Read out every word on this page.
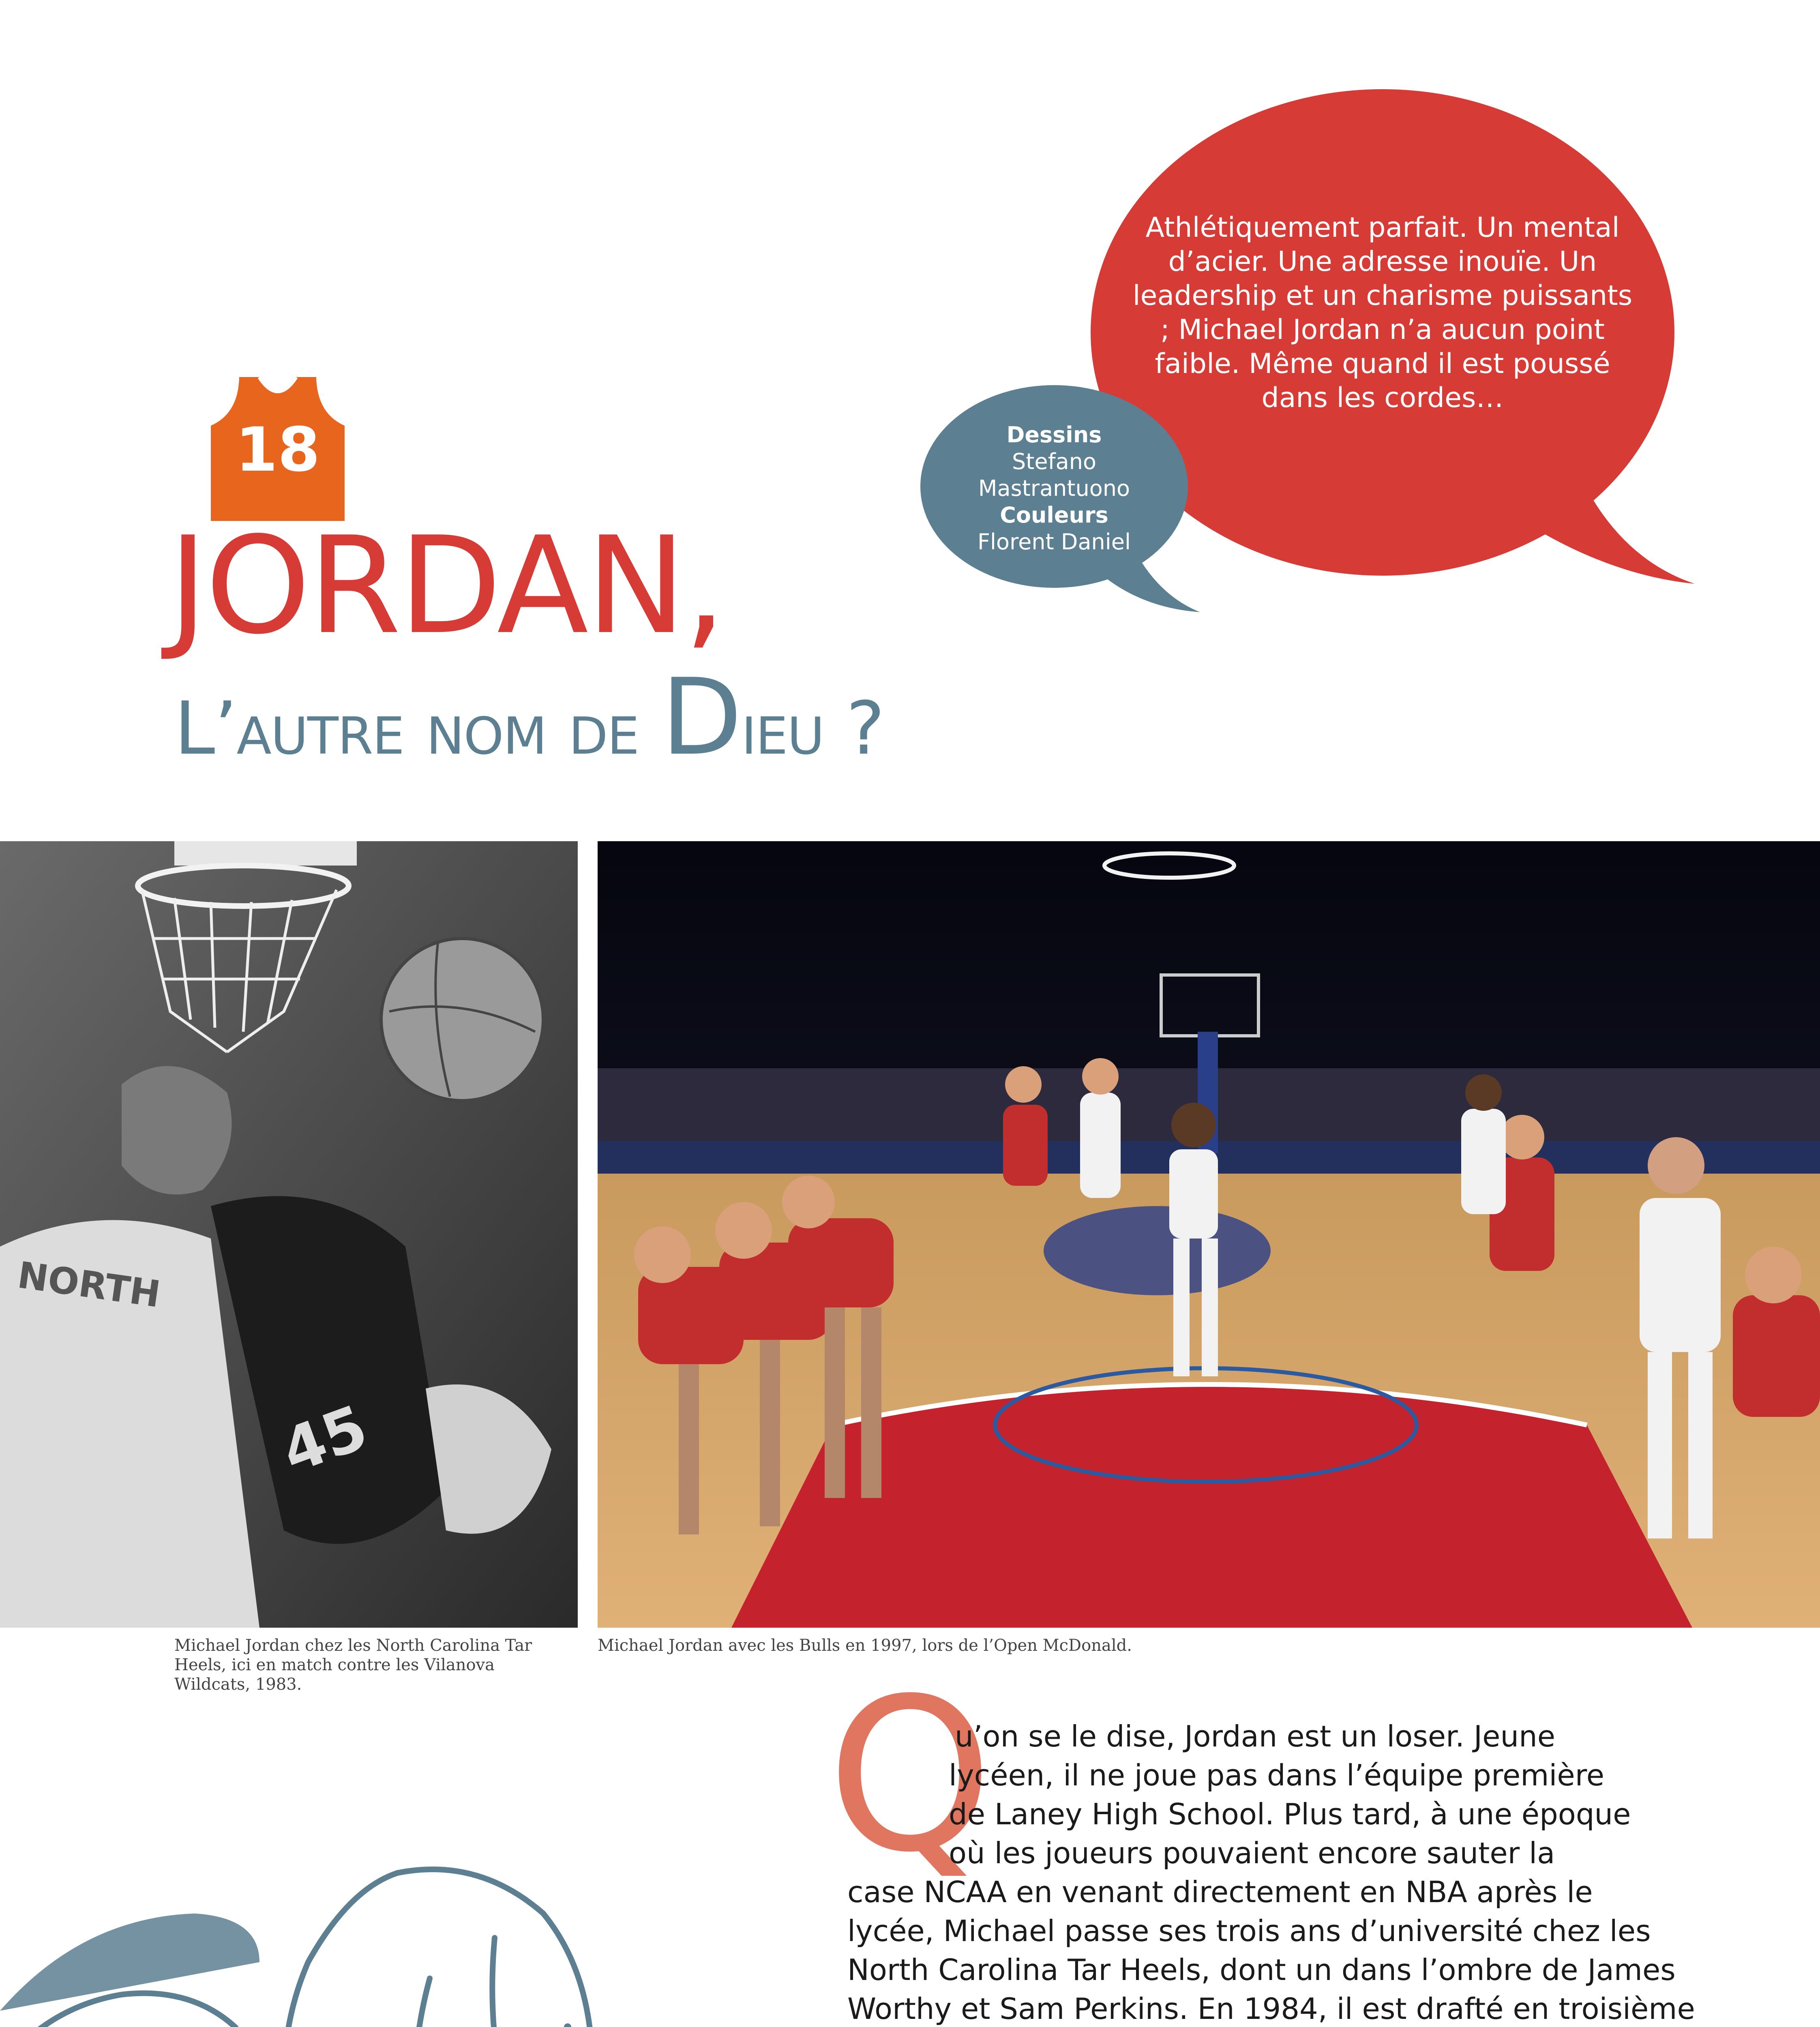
Athlétiquement parfait. Un mental d’acier. Une adresse inouïe. Un leadership et un charisme puissants ; Michael Jordan n’a aucun point faible. Même quand il est poussé dans les cordes…
Dessins
Stefano
Mastrantuono
Couleurs
Florent Daniel
18
JORDAN,
L’autre nom de Dieu ?
45
NORTH
Michael Jordan chez les North Carolina Tar Heels, ici en match contre les Vilanova Wildcats, 1983.
Michael Jordan avec les Bulls en 1997, lors de l’Open McDonald.
Q
u’on se le dise, Jordan est un loser. Jeune
lycéen, il ne joue pas dans l’équipe première
de Laney High School. Plus tard, à une époque
où les joueurs pouvaient encore sauter la
case NCAA en venant directement en NBA après le
lycée, Michael passe ses trois ans d’université chez les
North Carolina Tar Heels, dont un dans l’ombre de James
Worthy et Sam Perkins. En 1984, il est drafté en troisième
